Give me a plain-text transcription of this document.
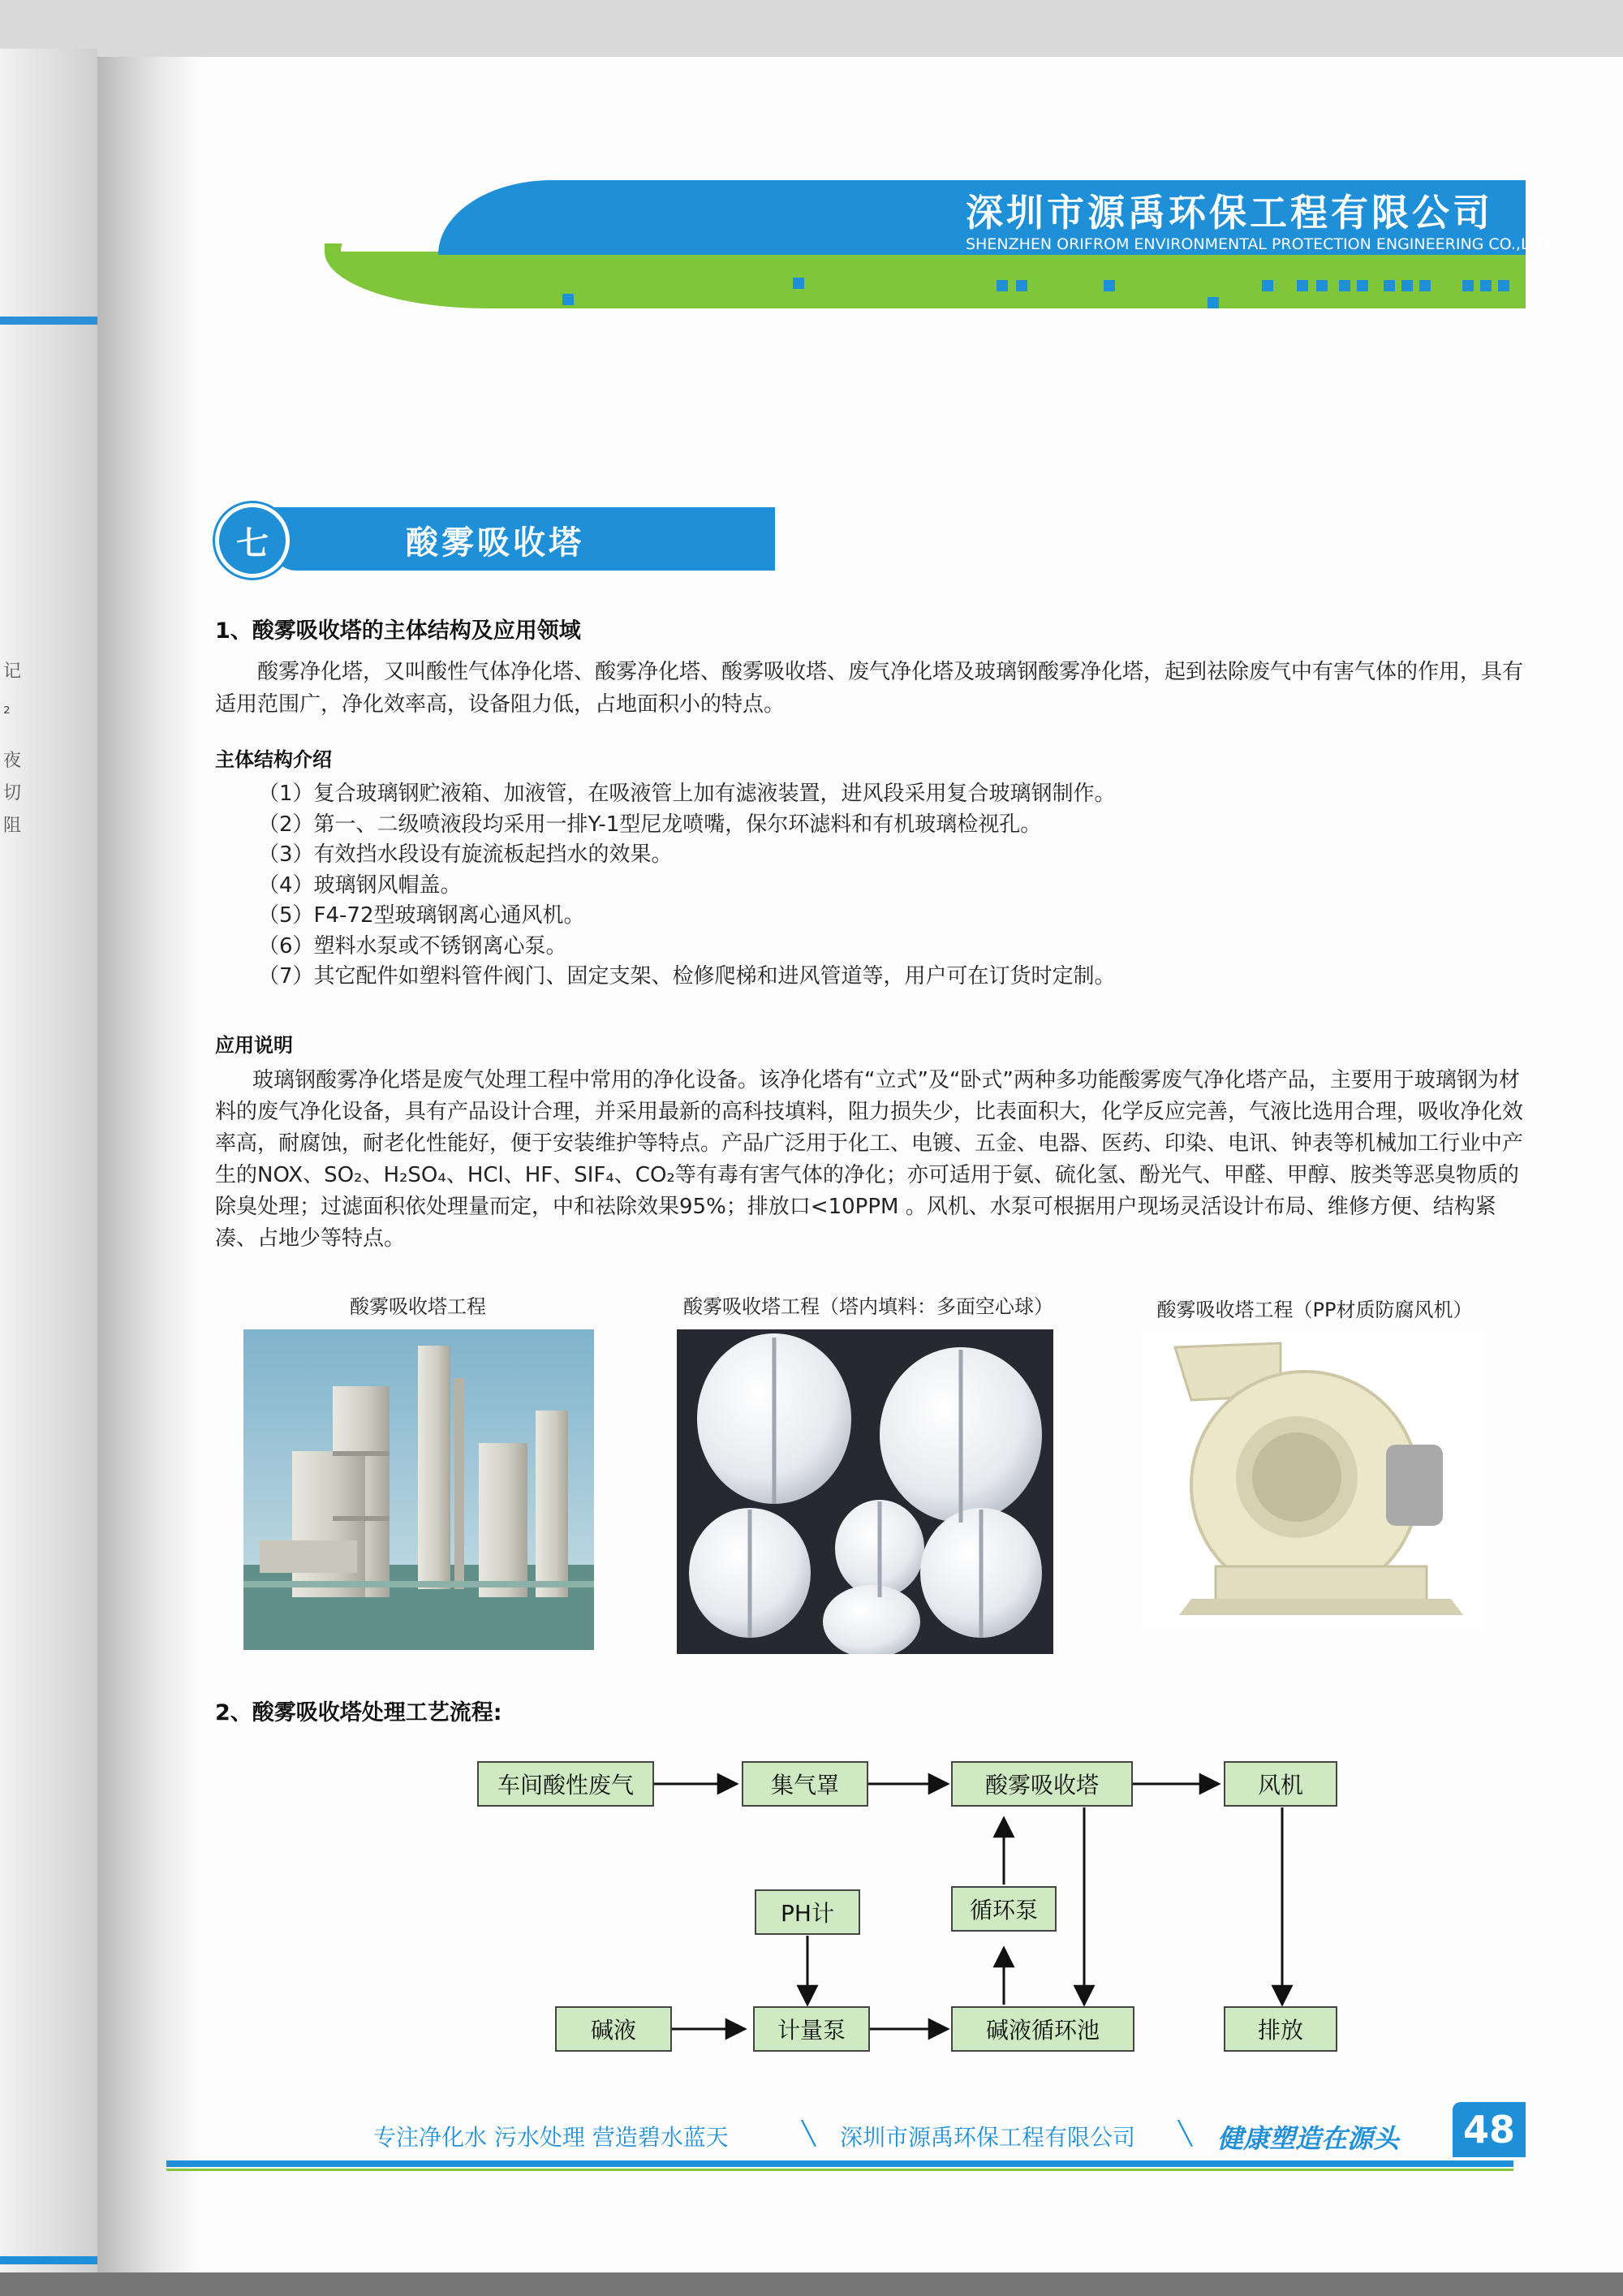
记
₂
夜
切
阻
深圳市源禹环保工程有限公司
SHENZHEN ORIFROM ENVIRONMENTAL PROTECTION ENGINEERING CO.,LTD
七	酸雾吸收塔
1、酸雾吸收塔的主体结构及应用领域
酸雾净化塔，又叫酸性气体净化塔、酸雾净化塔、酸雾吸收塔、废气净化塔及玻璃钢酸雾净化塔，起到祛除废气中有害气体的作用，具有适用范围广，净化效率高，设备阻力低，占地面积小的特点。
主体结构介绍
（1）复合玻璃钢贮液箱、加液管，在吸液管上加有滤液装置，进风段采用复合玻璃钢制作。
（2）第一、二级喷液段均采用一排Y-1型尼龙喷嘴，保尔环滤料和有机玻璃检视孔。
（3）有效挡水段设有旋流板起挡水的效果。
（4）玻璃钢风帽盖。
（5）F4-72型玻璃钢离心通风机。
（6）塑料水泵或不锈钢离心泵。
（7）其它配件如塑料管件阀门、固定支架、检修爬梯和进风管道等，用户可在订货时定制。
应用说明
玻璃钢酸雾净化塔是废气处理工程中常用的净化设备。该净化塔有“立式”及“卧式”两种多功能酸雾废气净化塔产品，主要用于玻璃钢为材料的废气净化设备，具有产品设计合理，并采用最新的高科技填料，阻力损失少，比表面积大，化学反应完善，气液比选用合理，吸收净化效率高，耐腐蚀，耐老化性能好，便于安装维护等特点。产品广泛用于化工、电镀、五金、电器、医药、印染、电讯、钟表等机械加工行业中产生的NOX、SO₂、H₂SO₄、HCl、HF、SIF₄、CO₂等有毒有害气体的净化；亦可适用于氨、硫化氢、酚光气、甲醛、甲醇、胺类等恶臭物质的除臭处理；过滤面积依处理量而定，中和祛除效果95%；排放口<10PPM 。风机、水泵可根据用户现场灵活设计布局、维修方便、结构紧凑、占地少等特点。
酸雾吸收塔工程	酸雾吸收塔工程（塔内填料：多面空心球）	酸雾吸收塔工程（PP材质防腐风机）
2、酸雾吸收塔处理工艺流程:
车间酸性废气	集气罩	酸雾吸收塔	风机
PH计	循环泵
碱液	计量泵	碱液循环池	排放
专注净化水 污水处理 营造碧水蓝天	╲ 深圳市源禹环保工程有限公司 ╲ 健康塑造在源头 48
